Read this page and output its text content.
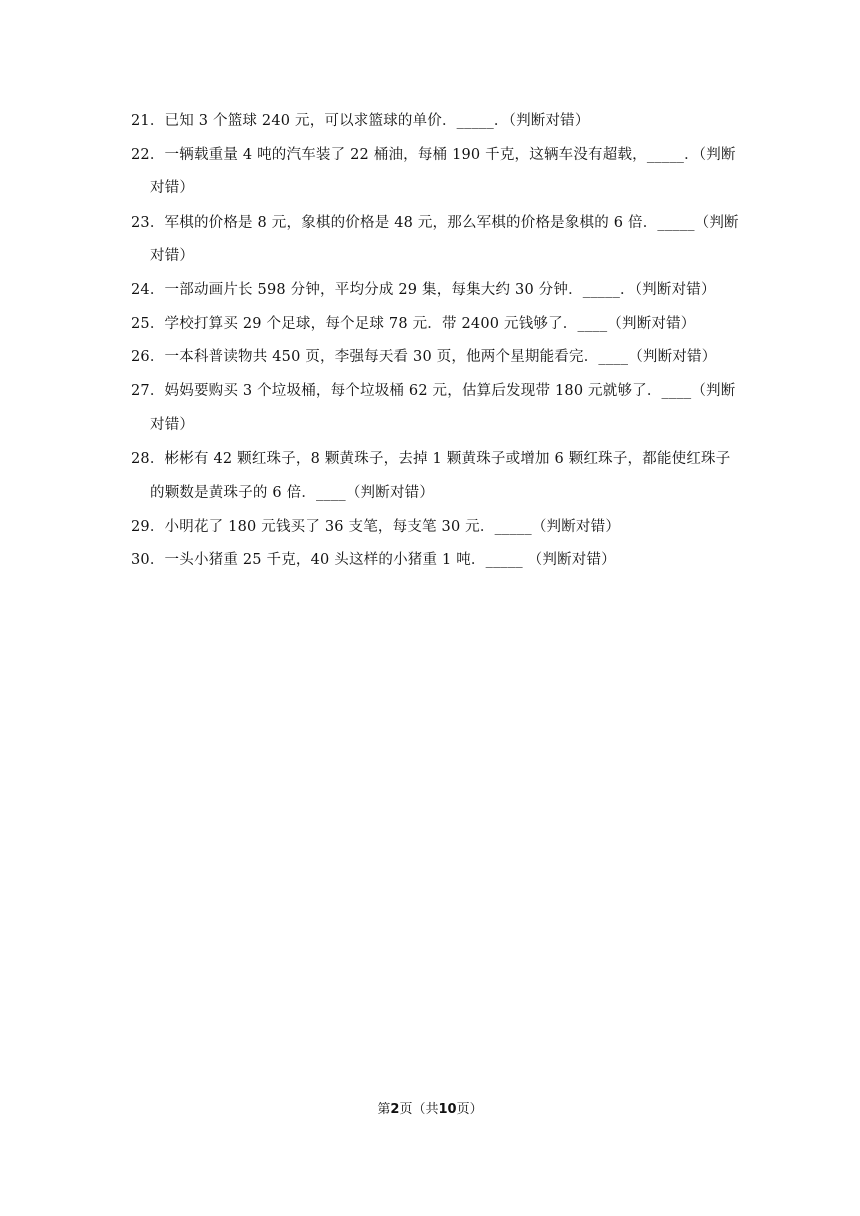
21．已知 3 个篮球 240 元，可以求篮球的单价．_____．（判断对错）
22．一辆载重量 4 吨的汽车装了 22 桶油，每桶 190 千克，这辆车没有超载，_____．（判断
对错）
23．军棋的价格是 8 元，象棋的价格是 48 元，那么军棋的价格是象棋的 6 倍．_____（判断
对错）
24．一部动画片长 598 分钟，平均分成 29 集，每集大约 30 分钟．_____．（判断对错）
25．学校打算买 29 个足球，每个足球 78 元．带 2400 元钱够了．____（判断对错）
26．一本科普读物共 450 页，李强每天看 30 页，他两个星期能看完．____（判断对错）
27．妈妈要购买 3 个垃圾桶，每个垃圾桶 62 元，估算后发现带 180 元就够了．____（判断
对错）
28．彬彬有 42 颗红珠子，8 颗黄珠子，去掉 1 颗黄珠子或增加 6 颗红珠子，都能使红珠子
的颗数是黄珠子的 6 倍．____（判断对错）
29．小明花了 180 元钱买了 36 支笔，每支笔 30 元．_____（判断对错）
30．一头小猪重 25 千克，40 头这样的小猪重 1 吨．_____ （判断对错）
第2页（共10页）
